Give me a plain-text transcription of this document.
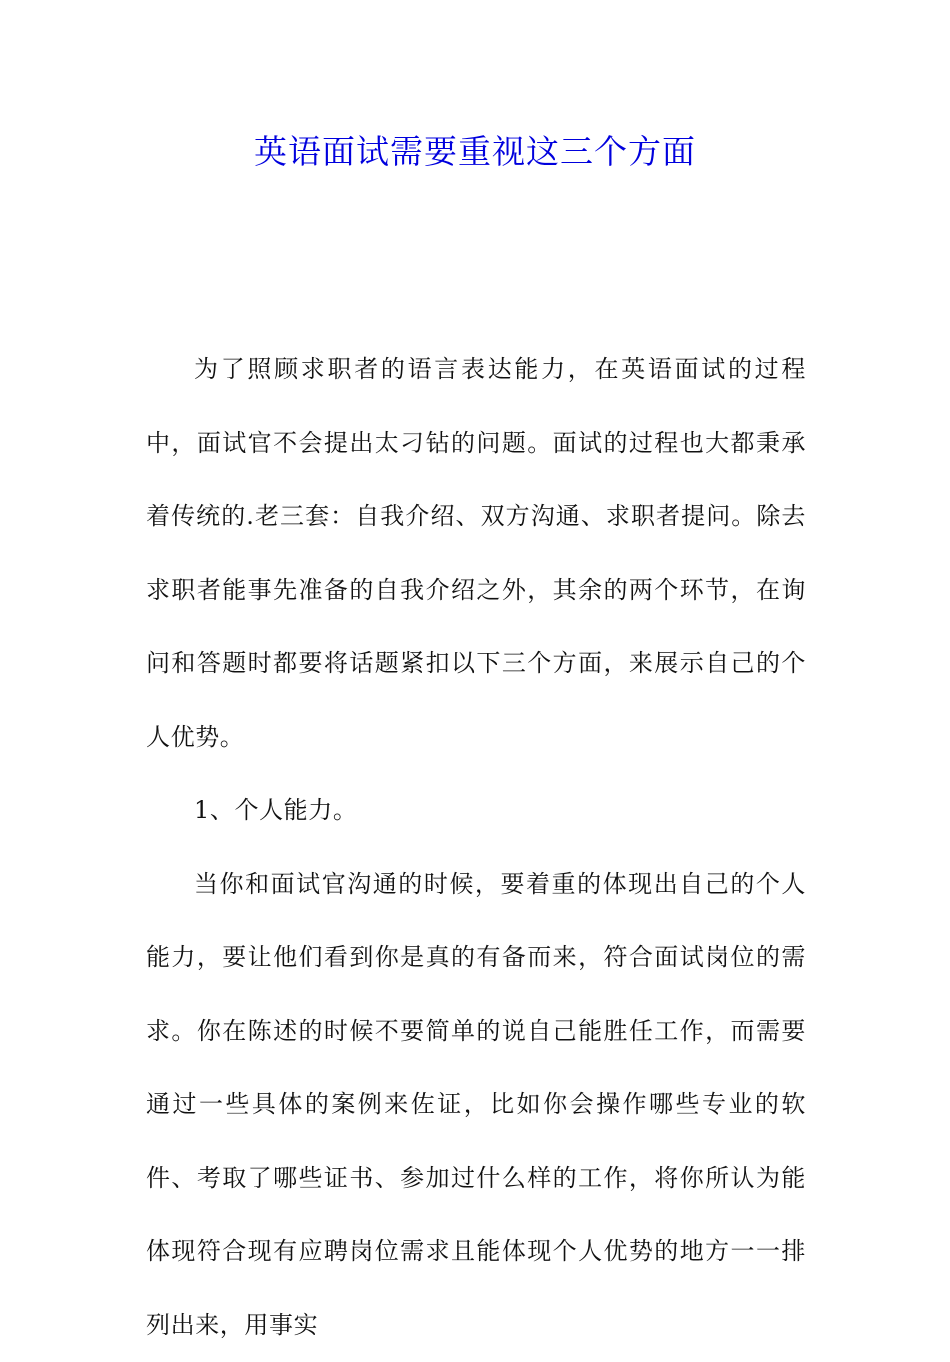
英语面试需要重视这三个方面

为了照顾求职者的语言表达能力，在英语面试的过程中，面试官不会提出太刁钻的问题。面试的过程也大都秉承着传统的.老三套：自我介绍、双方沟通、求职者提问。除去求职者能事先准备的自我介绍之外，其余的两个环节，在询问和答题时都要将话题紧扣以下三个方面，来展示自己的个人优势。

1、个人能力。

当你和面试官沟通的时候，要着重的体现出自己的个人能力，要让他们看到你是真的有备而来，符合面试岗位的需求。你在陈述的时候不要简单的说自己能胜任工作，而需要通过一些具体的案例来佐证，比如你会操作哪些专业的软件、考取了哪些证书、参加过什么样的工作，将你所认为能体现符合现有应聘岗位需求且能体现个人优势的地方一一排列出来，用事实
